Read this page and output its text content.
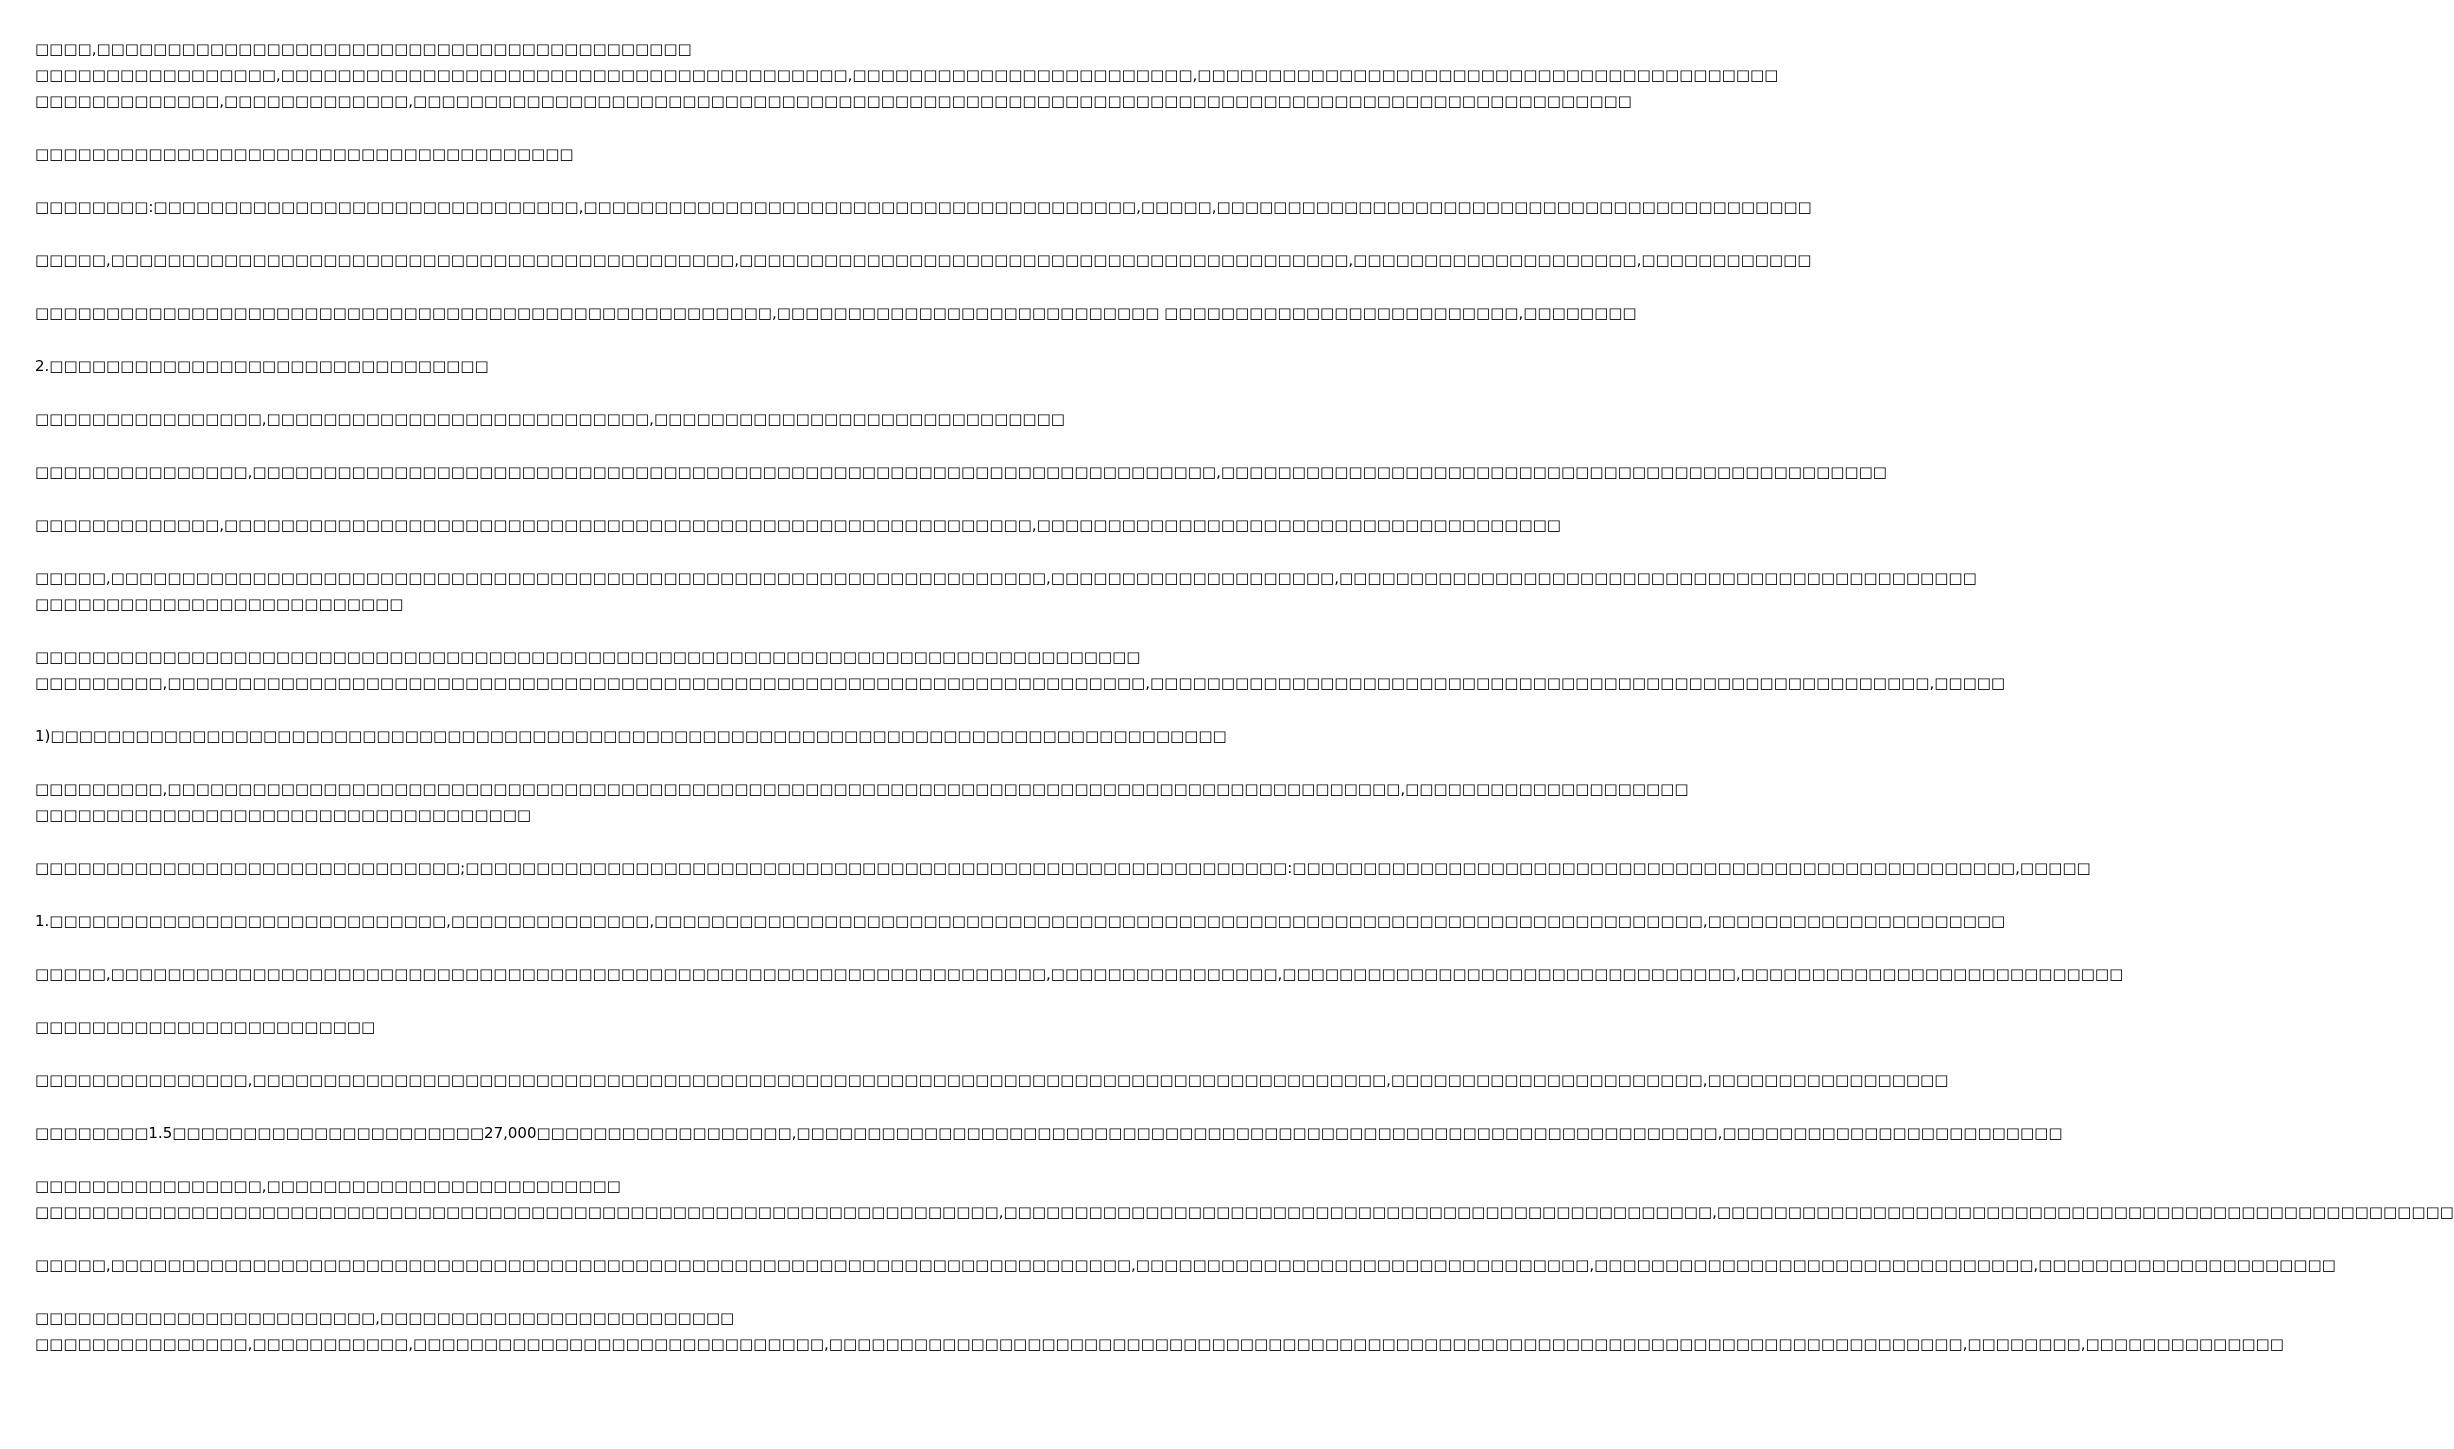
□□□□,□□□□□□□□□□□□□□□□□□□□□□□□□□□□□□□□□□□□□□□□□□
□□□□□□□□□□□□□□□□□,□□□□□□□□□□□□□□□□□□□□□□□□□□□□□□□□□□□□□□□□,□□□□□□□□□□□□□□□□□□□□□□□□,□□□□□□□□□□□□□□□□□□□□□□□□□□□□□□□□□□□□□□□□□
□□□□□□□□□□□□□,□□□□□□□□□□□□□,□□□□□□□□□□□□□□□□□□□□□□□□□□□□□□□□□□□□□□□□□□□□□□□□□□□□□□□□□□□□□□□□□□□□□□□□□□□□□□□□□□□□□□
□□□□□□□□□□□□□□□□□□□□□□□□□□□□□□□□□□□□□□
□□□□□□□□:□□□□□□□□□□□□□□□□□□□□□□□□□□□□□□,□□□□□□□□□□□□□□□□□□□□□□□□□□□□□□□□□□□□□□□,□□□□□,□□□□□□□□□□□□□□□□□□□□□□□□□□□□□□□□□□□□□□□□□□
□□□□□,□□□□□□□□□□□□□□□□□□□□□□□□□□□□□□□□□□□□□□□□□□□□,□□□□□□□□□□□□□□□□□□□□□□□□□□□□□□□□□□□□□□□□□□□,□□□□□□□□□□□□□□□□□□□□,□□□□□□□□□□□□
□□□□□□□□□□□□□□□□□□□□□□□□□□□□□□□□□□□□□□□□□□□□□□□□□□□□,□□□□□□□□□□□□□□□□□□□□□□□□□□□ □□□□□□□□□□□□□□□□□□□□□□□□□,□□□□□□□□
2.□□□□□□□□□□□□□□□□□□□□□□□□□□□□□□□
□□□□□□□□□□□□□□□□,□□□□□□□□□□□□□□□□□□□□□□□□□□□,□□□□□□□□□□□□□□□□□□□□□□□□□□□□□
□□□□□□□□□□□□□□□,□□□□□□□□□□□□□□□□□□□□□□□□□□□□□□□□□□□□□□□□□□□□□□□□□□□□□□□□□□□□□□□□□□□□,□□□□□□□□□□□□□□□□□□□□□□□□□□□□□□□□□□□□□□□□□□□□□□□
□□□□□□□□□□□□□,□□□□□□□□□□□□□□□□□□□□□□□□□□□□□□□□□□□□□□□□□□□□□□□□□□□□□□□□□,□□□□□□□□□□□□□□□□□□□□□□□□□□□□□□□□□□□□□
□□□□□,□□□□□□□□□□□□□□□□□□□□□□□□□□□□□□□□□□□□□□□□□□□□□□□□□□□□□□□□□□□□□□□□□□,□□□□□□□□□□□□□□□□□□□□,□□□□□□□□□□□□□□□□□□□□□□□□□□□□□□□□□□□□□□□□□□□□□
□□□□□□□□□□□□□□□□□□□□□□□□□□
□□□□□□□□□□□□□□□□□□□□□□□□□□□□□□□□□□□□□□□□□□□□□□□□□□□□□□□□□□□□□□□□□□□□□□□□□□□□□□
□□□□□□□□□,□□□□□□□□□□□□□□□□□□□□□□□□□□□□□□□□□□□□□□□□□□□□□□□□□□□□□□□□□□□□□□□□□□□□□,□□□□□□□□□□□□□□□□□□□□□□□□□□□□□□□□□□□□□□□□□□□□□□□□□□□□□□□,□□□□□
1)□□□□□□□□□□□□□□□□□□□□□□□□□□□□□□□□□□□□□□□□□□□□□□□□□□□□□□□□□□□□□□□□□□□□□□□□□□□□□□□□□□□
□□□□□□□□□,□□□□□□□□□□□□□□□□□□□□□□□□□□□□□□□□□□□□□□□□□□□□□□□□□□□□□□□□□□□□□□□□□□□□□□□□□□□□□□□□□□□□□□□,□□□□□□□□□□□□□□□□□□□□
□□□□□□□□□□□□□□□□□□□□□□□□□□□□□□□□□□□
□□□□□□□□□□□□□□□□□□□□□□□□□□□□□□;□□□□□□□□□□□□□□□□□□□□□□□□□□□□□□□□□□□□□□□□□□□□□□□□□□□□□□□□□□:□□□□□□□□□□□□□□□□□□□□□□□□□□□□□□□□□□□□□□□□□□□□□□□□□□□,□□□□□
1.□□□□□□□□□□□□□□□□□□□□□□□□□□□□,□□□□□□□□□□□□□□,□□□□□□□□□□□□□□□□□□□□□□□□□□□□□□□□□□□□□□□□□□□□□□□□□□□□□□□□□□□□□□□□□□□□□□□□□□,□□□□□□□□□□□□□□□□□□□□□
□□□□□,□□□□□□□□□□□□□□□□□□□□□□□□□□□□□□□□□□□□□□□□□□□□□□□□□□□□□□□□□□□□□□□□□□,□□□□□□□□□□□□□□□□,□□□□□□□□□□□□□□□□□□□□□□□□□□□□□□□□,□□□□□□□□□□□□□□□□□□□□□□□□□□□
□□□□□□□□□□□□□□□□□□□□□□□□
□□□□□□□□□□□□□□□,□□□□□□□□□□□□□□□□□□□□□□□□□□□□□□□□□□□□□□□□□□□□□□□□□□□□□□□□□□□□□□□□□□□□□□□□□□□□□□□□,□□□□□□□□□□□□□□□□□□□□□□,□□□□□□□□□□□□□□□□□
□□□□□□□□1.5□□□□□□□□□□□□□□□□□□□□□□27,000□□□□□□□□□□□□□□□□□□,□□□□□□□□□□□□□□□□□□□□□□□□□□□□□□□□□□□□□□□□□□□□□□□□□□□□□□□□□□□□□□□□□,□□□□□□□□□□□□□□□□□□□□□□□□
□□□□□□□□□□□□□□□□,□□□□□□□□□□□□□□□□□□□□□□□□□
□□□□□□□□□□□□□□□□□□□□□□□□□□□□□□□□□□□□□□□□□□□□□□□□□□□□□□□□□□□□□□□□□□□□,□□□□□□□□□□□□□□□□□□□□□□□□□□□□□□□□□□□□□□□□□□□□□□□□□□,□□□□□□□□□□□□□□□□□□□□□□□□□□□□□□□□□□□□□□□□□□□□□□□□□□□□
□□□□□,□□□□□□□□□□□□□□□□□□□□□□□□□□□□□□□□□□□□□□□□□□□□□□□□□□□□□□□□□□□□□□□□□□□□□□□□,□□□□□□□□□□□□□□□□□□□□□□□□□□□□□□□□,□□□□□□□□□□□□□□□□□□□□□□□□□□□□□□□,□□□□□□□□□□□□□□□□□□□□□
□□□□□□□□□□□□□□□□□□□□□□□□,□□□□□□□□□□□□□□□□□□□□□□□□□
□□□□□□□□□□□□□□□,□□□□□□□□□□□,□□□□□□□□□□□□□□□□□□□□□□□□□□□□□,□□□□□□□□□□□□□□□□□□□□□□□□□□□□□□□□□□□□□□□□□□□□□□□□□□□□□□□□□□□□□□□□□□□□□□□□□□□□□□□□,□□□□□□□□,□□□□□□□□□□□□□□
